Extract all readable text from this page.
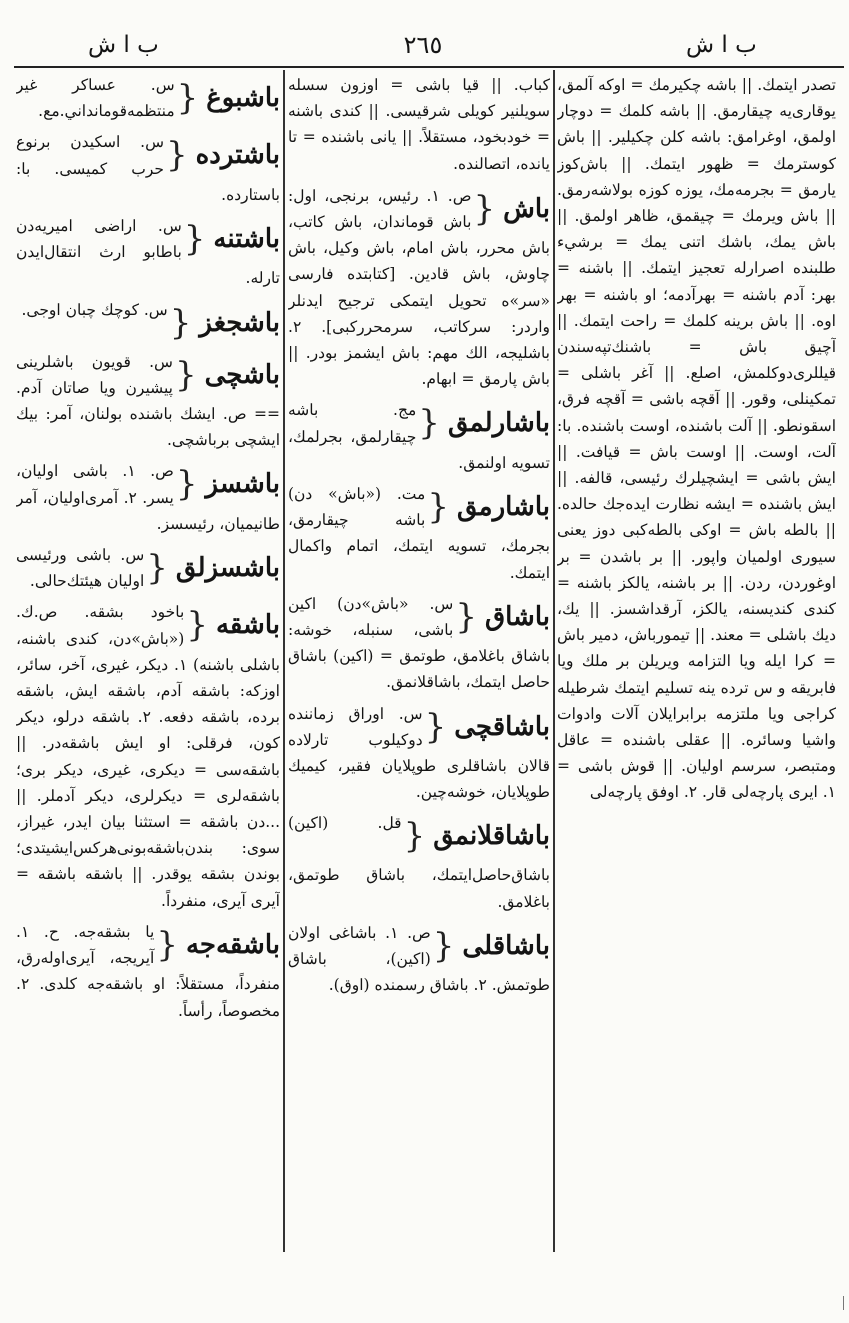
ب ا ش	٢٦٥	ب ا ش

تصدر ايتمك. || باشه چكيرمك = اوكه آلمق، يوقارى‌يه چيقارمق. || باشه كلمك = دوچار اولمق، اوغرامق: باشه كلن چكيلير. || باش كوسترمك = ظهور ايتمك. || باش‌كوز يارمق = بجرمه‌مك، يوزه كوزه بولاشه‌رمق. || باش ويرمك = چيقمق، ظاهر اولمق. || باش يمك، باشك اتنى يمك = برشيء طلبنده اصرارله تعجيز ايتمك. || باشنه = بهر: آدم باشنه = بهرآدمه؛ او باشنه = بهر اوه. || باش برينه كلمك = راحت ايتمك. || آچيق باش = باشنك‌تپه‌سندن قيللرى‌دوكلمش، اصلع. || آغر باشلى = تمكينلى، وقور. || آقچه باشى = آقچه فرق، اسقونطو. || آلت باشنده، اوست باشنده. با: آلت، اوست. || اوست باش = قيافت. || ايش باشى = ايشچيلرك رئيسى، قالفه. || ايش باشنده = ايشه نظارت ايده‌جك حالده. || بالطه باش = اوكى بالطه‌كبى دوز يعنى سيورى اولميان واپور. || بر باشدن = بر اوغوردن، ردن. || بر باشنه، يالكز باشنه = كندى كنديسنه، يالكز، آرقداشسز. || يك، ديك باشلى = معند. || تيمورباش، دمير باش = كرا ايله ويا التزامه ويريلن بر ملك ويا فابريقه و س ترده ينه تسليم ايتمك شرطيله كراجى ويا ملتزمه برابرايلان آلات وادوات واشيا وسائره. || عقلى باشنده = عاقل ومتبصر، سرسم اوليان. || قوش باشى = ١. ايرى پارچه‌لى قار. ٢. اوفق پارچه‌لى

كباب. || قيا باشى = اوزون سسله سويلنير كويلى شرقيسى. || كندى باشنه = خودبخود، مستقلاً. || يانى باشنده = تا يانده، اتصالنده.

باش
{
ص. ١. رئيس، برنجى، اول: باش قوماندان، باش كاتب، باش محرر، باش امام، باش وكيل، باش چاوش، باش قادين. [كتابتده فارسى «سر»ه تحويل ايتمكى ترجيح ايدنلر واردر: سركاتب، سرمحرركبى]. ٢. باشليجه، الك مهم: باش ايشمز بودر. || باش پارمق = ابهام.
باشارلمق
{
مج. باشه چيقارلمق، بجرلمك، تسويه اولنمق.
باشارمق
{
مت. («باش» دن) باشه چيقارمق، بجرمك، تسويه ايتمك، اتمام واكمال ايتمك.
باشاق
{
س. «باش»دن) اكين باشى، سنبله، خوشه: باشاق باغلامق، طوتمق = (اكين) باشاق حاصل ايتمك، باشاقلانمق.
باشاقچى
{
س. اوراق زماننده دوكيلوب تارلاده قالان باشاقلرى طوپلايان فقير، كيميك طوپلايان، خوشه‌چين.
باشاقلانمق
{
قل. (اكين) باشاق‌حاصل‌ايتمك، باشاق طوتمق، باغلامق.
باشاقلى
{
ص. ١. باشاغى اولان (اكين)، باشاق طوتمش. ٢. باشاق رسمنده (اوق).
باشبوغ
{
س. عساكر غير منتظمه‌قومانداني.مع.
باشترده
{
س. اسكيدن برنوع حرب كميسى. با: باستارده.
باشتنه
{
س. اراضى اميريه‌دن باطابو ارث انتقال‌ايدن تارله.
باشجغز
{
س. كوچك چبان اوجى.
باشچى
{
س. قويون باشلرينى پيشيرن ويا صاتان آدم. == ص. ايشك باشنده بولنان، آمر: بيك ايشچى برباشچى.
باشسز
{
ص. ١. باشى اوليان، يسر. ٢. آمرى‌اوليان، آمر طانيميان، رئيسسز.
باشسزلق
{
س. باشى ورئيسى اوليان هيئتك‌حالى.
باشقه
{
باخود بشقه. ص.ك. («باش»دن، كندى باشنه، باشلى باشنه) ١. ديكر، غيرى، آخر، سائر، اوزكه: باشقه آدم، باشقه ايش، باشقه برده، باشقه دفعه. ٢. باشقه درلو، ديكر كون، فرقلى: او ايش باشقه‌در. || باشقه‌سى = ديكرى، غيرى، ديكر برى؛ باشقه‌لرى = ديكرلرى، ديكر آدملر. || ...دن باشقه = استثنا بيان ايدر، غيراز، سوى: بندن‌باشقه‌بونى‌هركس‌ايشيتدى؛ بوندن بشقه يوقدر. || باشقه باشقه = آيرى آيرى، منفرداً.
باشقه‌جه
{
يا بشقه‌جه. ح. ١. آيريجه، آيرى‌اوله‌رق، منفرداً، مستقلاً: او باشقه‌جه كلدى. ٢. مخصوصاً، رأساً.
